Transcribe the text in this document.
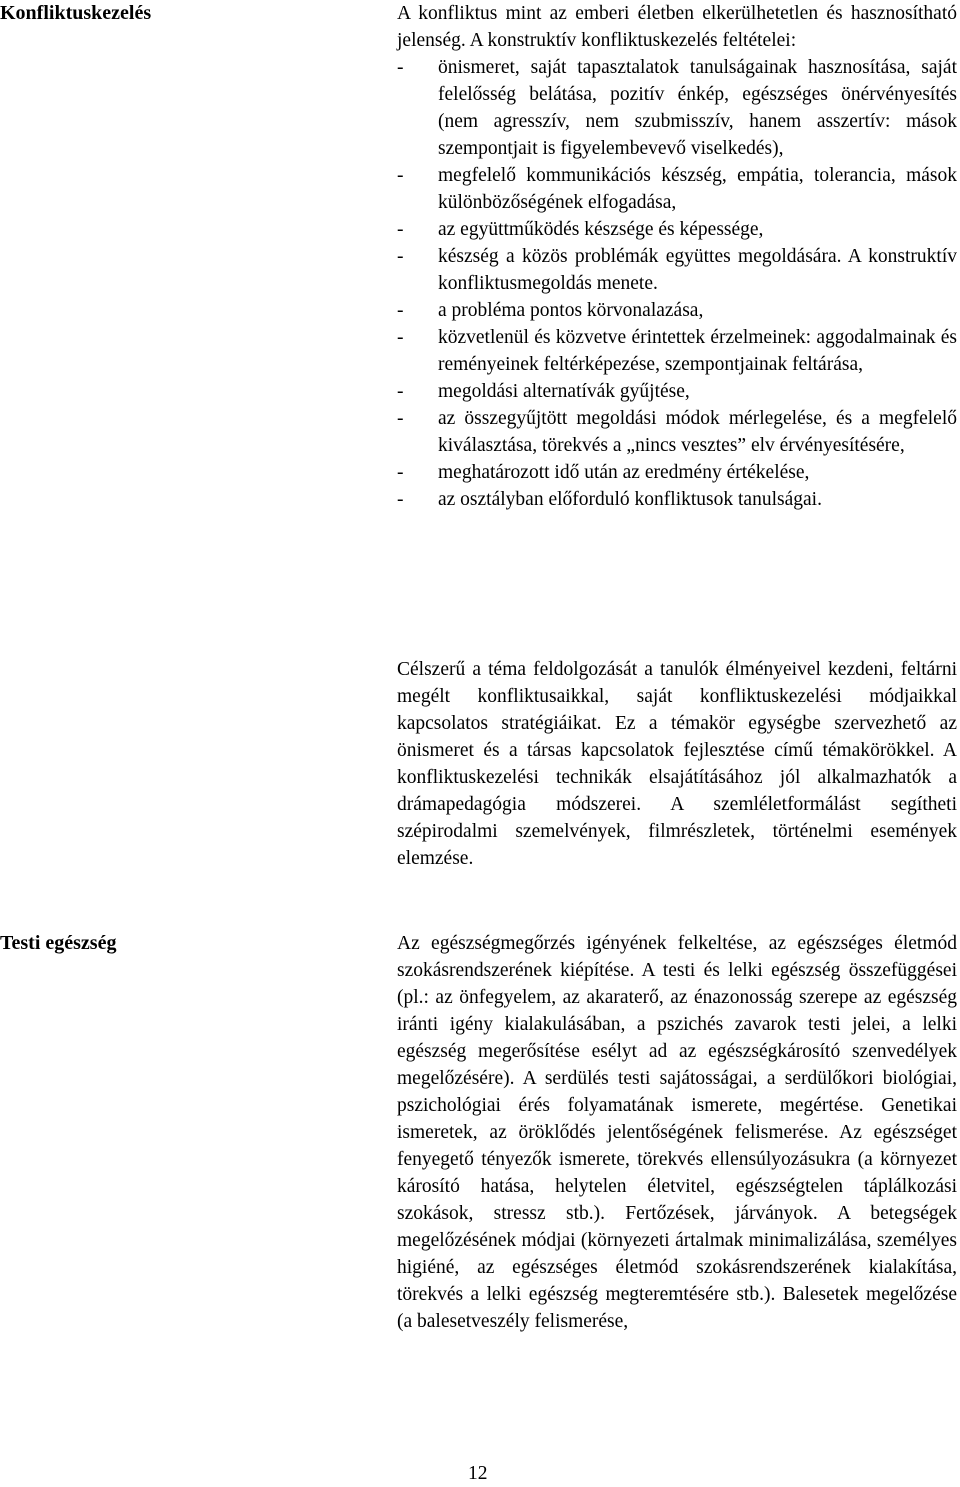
Konfliktuskezelés	A konfliktus mint az emberi életben elkerülhetetlen és hasznosítható jelenség. A konstruktív konfliktuskezelés feltételei:

-	önismeret, saját tapasztalatok tanulságainak hasznosítása, saját felelősség belátása, pozitív énkép, egészséges önérvényesítés (nem agresszív, nem szubmisszív, hanem asszertív: mások szempontjait is figyelembevevő viselkedés),
-	megfelelő kommunikációs készség, empátia, tolerancia, mások különbözőségének elfogadása,
-	az együttműködés készsége és képessége,
-	készség a közös problémák együttes megoldására. A konstruktív konfliktusmegoldás menete.
-	a probléma pontos körvonalazása,
-	közvetlenül és közvetve érintettek érzelmeinek: aggodalmainak és reményeinek feltérképezése, szempontjainak feltárása,
-	megoldási alternatívák gyűjtése,
-	az összegyűjtött megoldási módok mérlegelése, és a megfelelő kiválasztása, törekvés a „nincs vesztes” elv érvényesítésére,
-	meghatározott idő után az eredmény értékelése,
-	az osztályban előforduló konfliktusok tanulságai.

Célszerű a téma feldolgozását a tanulók élményeivel kezdeni, feltárni megélt konfliktusaikkal, saját konfliktuskezelési módjaikkal kapcsolatos stratégiáikat. Ez a témakör egységbe szervezhető az önismeret és a társas kapcsolatok fejlesztése című témakörökkel. A konfliktuskezelési technikák elsajátításához jól alkalmazhatók a drámapedagógia módszerei. A szemléletformálást segítheti szépirodalmi szemelvények, filmrészletek, történelmi események elemzése.

Testi egészség	Az egészségmegőrzés igényének felkeltése, az egészséges életmód szokásrendszerének kiépítése. A testi és lelki egészség összefüggései (pl.: az önfegyelem, az akaraterő, az énazonosság szerepe az egészség iránti igény kialakulásában, a pszichés zavarok testi jelei, a lelki egészség megerősítése esélyt ad az egészségkárosító szenvedélyek megelőzésére). A serdülés testi sajátosságai, a serdülőkori biológiai, pszichológiai érés folyamatának ismerete, megértése. Genetikai ismeretek, az öröklődés jelentőségének felismerése. Az egészséget fenyegető tényezők ismerete, törekvés ellensúlyozásukra (a környezet károsító hatása, helytelen életvitel, egészségtelen táplálkozási szokások, stressz stb.). Fertőzések, járványok. A betegségek megelőzésének módjai (környezeti ártalmak minimalizálása, személyes higiéné, az egészséges életmód szokásrendszerének kialakítása, törekvés a lelki egészség megteremtésére stb.). Balesetek megelőzése (a balesetveszély felismerése,

12
